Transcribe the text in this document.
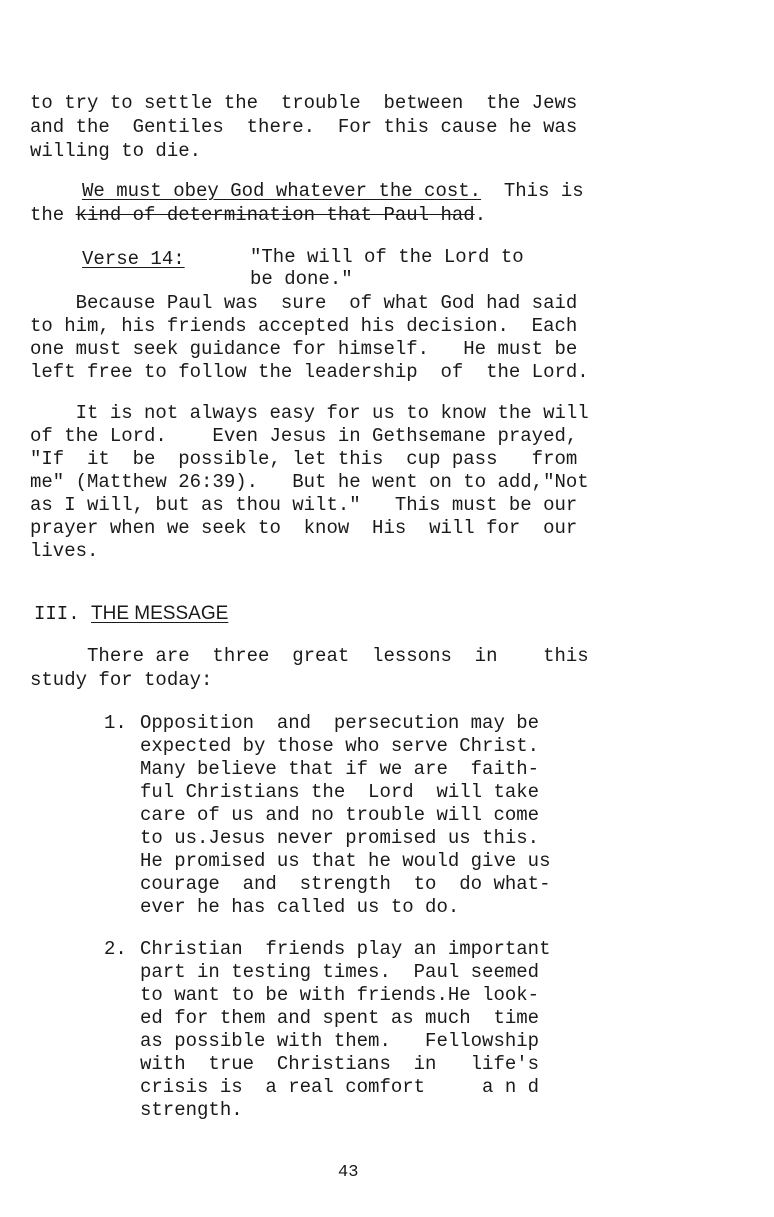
to try to settle the  trouble  between  the Jews
and the  Gentiles  there.  For this cause he was
willing to die.
We must obey God whatever the cost.  This is
the kind of determination that Paul had.
Verse 14:	"The will of the Lord to
be done."
Because Paul was  sure  of what God had said
to him, his friends accepted his decision.  Each
one must seek guidance for himself.   He must be
left free to follow the leadership  of  the Lord.
It is not always easy for us to know the will
of the Lord.    Even Jesus in Gethsemane prayed,
"If  it  be  possible, let this  cup pass   from
me" (Matthew 26:39).   But he went on to add,"Not
as I will, but as thou wilt."   This must be our
prayer when we seek to  know  His  will for  our
lives.
III. THE MESSAGE
There are  three  great  lessons  in    this
study for today:
1. Opposition  and  persecution may be
expected by those who serve Christ.
Many believe that if we are  faith-
ful Christians the  Lord  will take
care of us and no trouble will come
to us.Jesus never promised us this.
He promised us that he would give us
courage  and  strength  to  do what-
ever he has called us to do.
2. Christian  friends play an important
part in testing times.  Paul seemed
to want to be with friends.He look-
ed for them and spent as much  time
as possible with them.   Fellowship
with  true  Christians  in   life's
crisis is  a real comfort     a n d
strength.
43
